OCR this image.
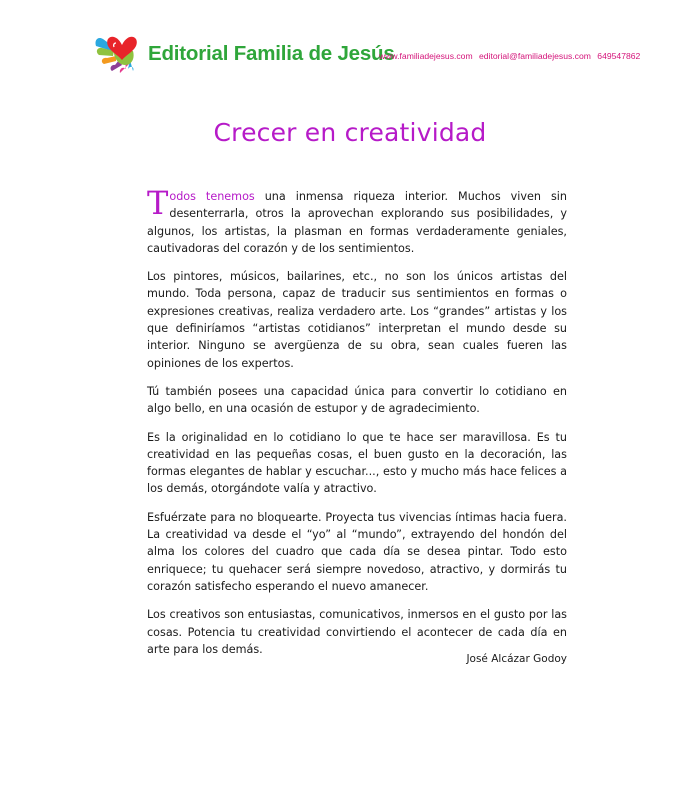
Editorial Familia de Jesús
www.familiadejesus.com editorial@familiadejesus.com 649547862
Crecer en creatividad

Todos tenemos una inmensa riqueza interior. Muchos viven sin desenterrarla, otros la aprovechan explorando sus posibilidades, y algunos, los artistas, la plasman en formas verdaderamente geniales, cautivadoras del corazón y de los sentimientos.

Los pintores, músicos, bailarines, etc., no son los únicos artistas del mundo. Toda persona, capaz de traducir sus sentimientos en formas o expresiones creativas, realiza verdadero arte. Los “grandes” artistas y los que definiríamos “artistas cotidianos” interpretan el mundo desde su interior. Ninguno se avergüenza de su obra, sean cuales fueren las opiniones de los expertos.

Tú también posees una capacidad única para convertir lo cotidiano en algo bello, en una ocasión de estupor y de agradecimiento.

Es la originalidad en lo cotidiano lo que te hace ser maravillosa. Es tu creatividad en las pequeñas cosas, el buen gusto en la decoración, las formas elegantes de hablar y escuchar..., esto y mucho más hace felices a los demás, otorgándote valía y atractivo.

Esfuérzate para no bloquearte. Proyecta tus vivencias íntimas hacia fuera. La creatividad va desde el “yo” al “mundo”, extrayendo del hondón del alma los colores del cuadro que cada día se desea pintar. Todo esto enriquece; tu quehacer será siempre novedoso, atractivo, y dormirás tu corazón satisfecho esperando el nuevo amanecer.

Los creativos son entusiastas, comunicativos, inmersos en el gusto por las cosas. Potencia tu creatividad convirtiendo el acontecer de cada día en arte para los demás.

José Alcázar Godoy
